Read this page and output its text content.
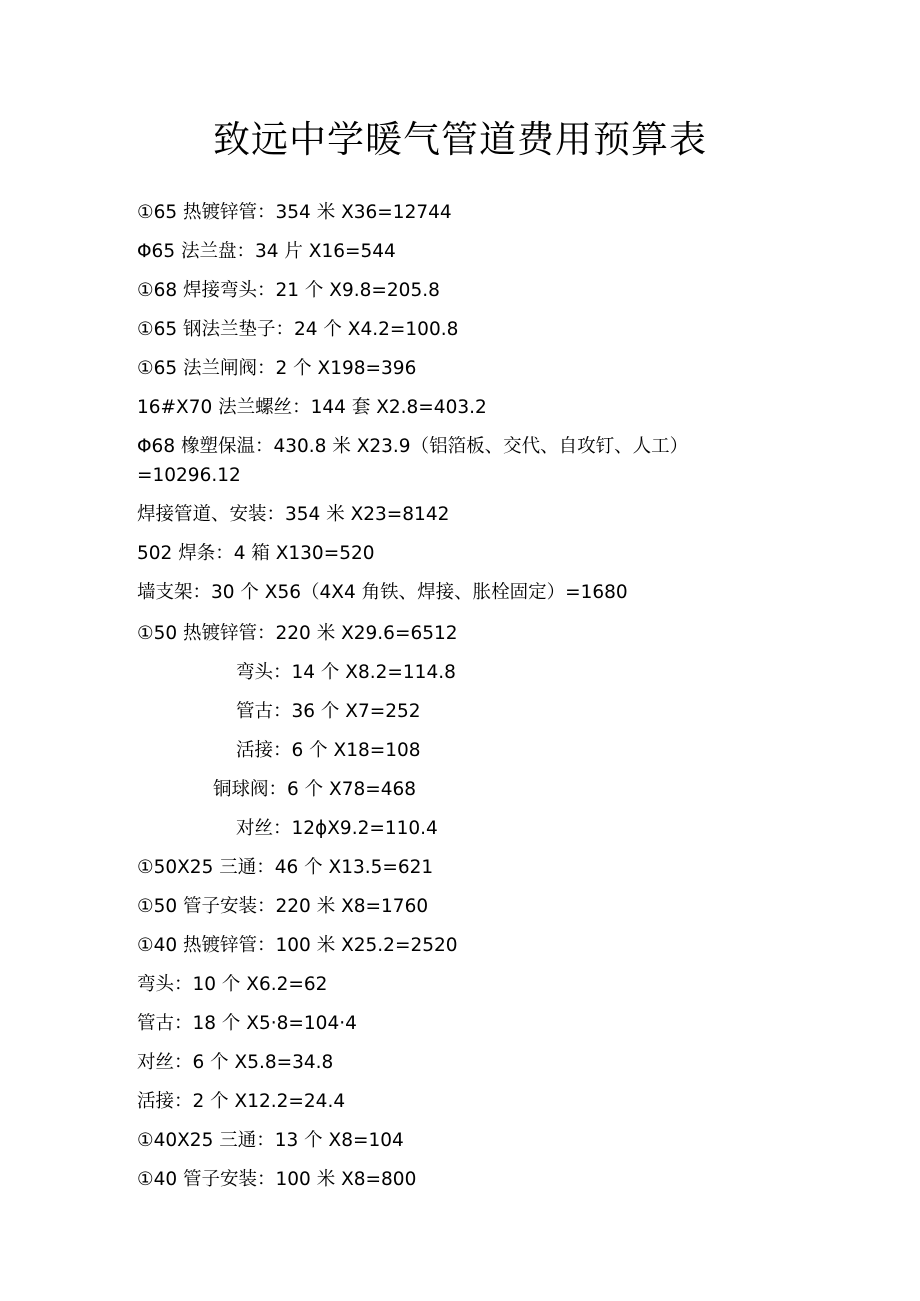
致远中学暖气管道费用预算表
①65 热镀锌管：354 米 X36=12744
Φ65 法兰盘：34 片 X16=544
①68 焊接弯头：21 个 X9.8=205.8
①65 钢法兰垫子：24 个 X4.2=100.8
①65 法兰闸阀：2 个 X198=396
16#X70 法兰螺丝：144 套 X2.8=403.2
Φ68 橡塑保温：430.8 米 X23.9（铝箔板、交代、自攻钉、人工）
=10296.12
焊接管道、安装：354 米 X23=8142
502 焊条：4 箱 X130=520
墙支架：30 个 X56（4X4 角铁、焊接、胀栓固定）=1680
①50 热镀锌管：220 米 X29.6=6512
弯头：14 个 X8.2=114.8
管古：36 个 X7=252
活接：6 个 X18=108
铜球阀：6 个 X78=468
对丝：12ϕX9.2=110.4
①50X25 三通：46 个 X13.5=621
①50 管子安装：220 米 X8=1760
①40 热镀锌管：100 米 X25.2=2520
弯头：10 个 X6.2=62
管古：18 个 X5·8=104·4
对丝：6 个 X5.8=34.8
活接：2 个 X12.2=24.4
①40X25 三通：13 个 X8=104
①40 管子安装：100 米 X8=800
